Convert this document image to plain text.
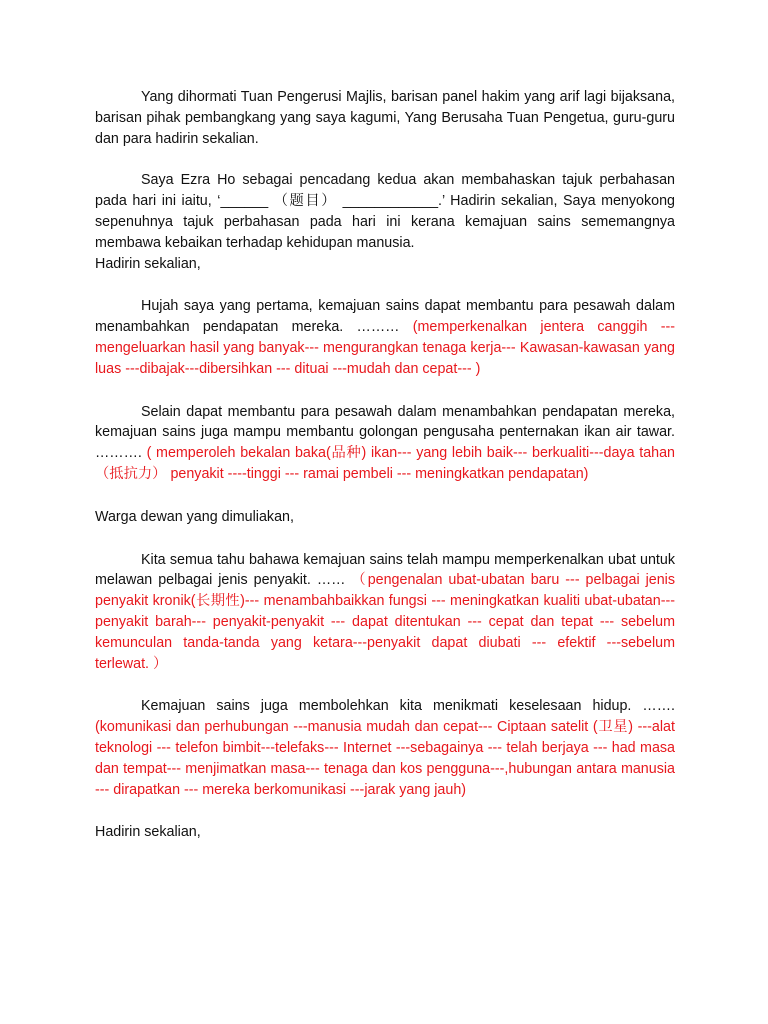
Yang dihormati Tuan Pengerusi Majlis, barisan panel hakim yang arif lagi bijaksana, barisan pihak pembangkang yang saya kagumi, Yang Berusaha Tuan Pengetua, guru-guru dan para hadirin sekalian.

Saya Ezra Ho sebagai pencadang kedua akan membahaskan tajuk perbahasan pada hari ini iaitu, ‘______ （题目） ____________.’ Hadirin sekalian, Saya menyokong sepenuhnya tajuk perbahasan pada hari ini kerana kemajuan sains sememangnya membawa kebaikan terhadap kehidupan manusia.

Hadirin sekalian,

Hujah saya yang pertama, kemajuan sains dapat membantu para pesawah dalam menambahkan pendapatan mereka. ……… (memperkenalkan jentera canggih ---mengeluarkan hasil yang banyak--- mengurangkan tenaga kerja--- Kawasan-kawasan yang luas ---dibajak---dibersihkan --- dituai ---mudah dan cepat--- )

Selain dapat membantu para pesawah dalam menambahkan pendapatan mereka, kemajuan sains juga mampu membantu golongan pengusaha penternakan ikan air tawar. ………. ( memperoleh bekalan baka(品种) ikan--- yang lebih baik--- berkualiti---daya tahan （抵抗力） penyakit ----tinggi --- ramai pembeli --- meningkatkan pendapatan)

Warga dewan yang dimuliakan,

Kita semua tahu bahawa kemajuan sains telah mampu memperkenalkan ubat untuk melawan pelbagai jenis penyakit. …… （pengenalan ubat-ubatan baru --- pelbagai jenis penyakit kronik(长期性)--- menambahbaikkan fungsi --- meningkatkan kualiti ubat-ubatan--- penyakit barah--- penyakit-penyakit --- dapat ditentukan --- cepat dan tepat --- sebelum kemunculan tanda-tanda yang ketara---penyakit dapat diubati --- efektif ---sebelum terlewat. ）

Kemajuan sains juga membolehkan kita menikmati keselesaan hidup. ……. (komunikasi dan perhubungan ---manusia mudah dan cepat--- Ciptaan satelit (卫星) ---alat teknologi --- telefon bimbit---telefaks--- Internet ---sebagainya --- telah berjaya --- had masa dan tempat--- menjimatkan masa--- tenaga dan kos pengguna---,hubungan antara manusia --- dirapatkan --- mereka berkomunikasi ---jarak yang jauh)

Hadirin sekalian,
